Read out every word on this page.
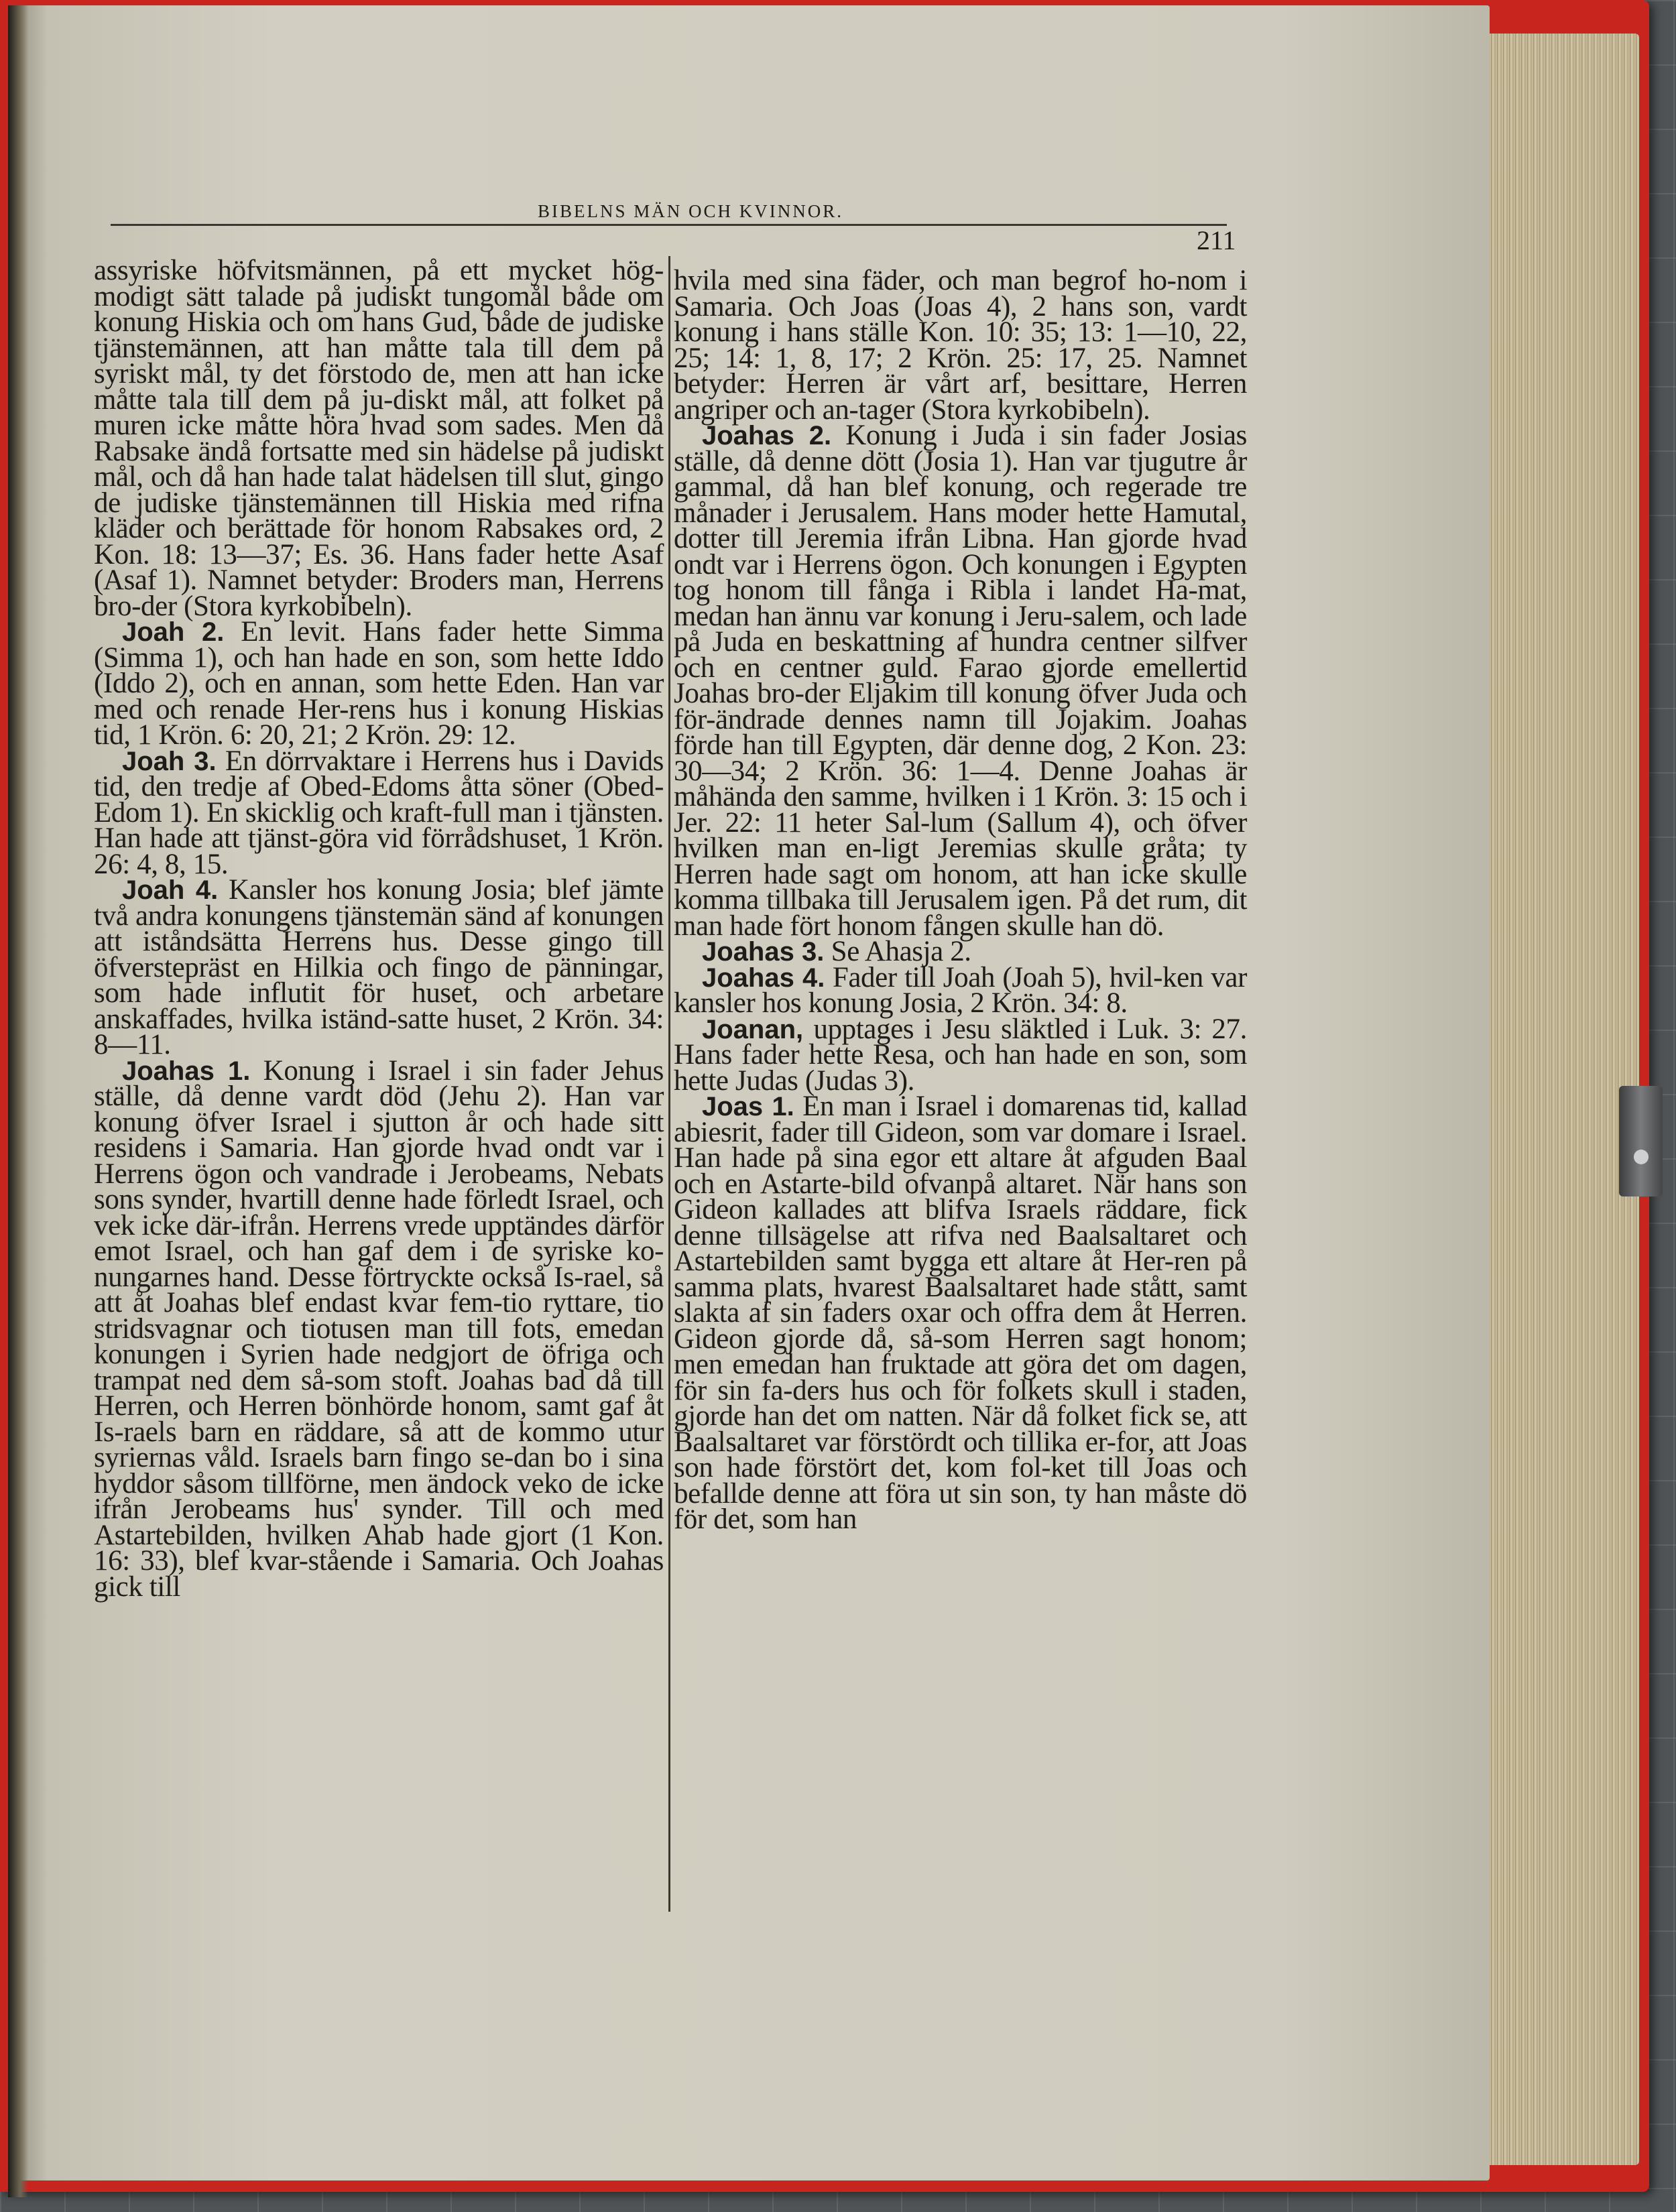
BIBELNS MÄN OCH KVINNOR.
211

assyriske höfvitsmännen, på ett mycket hög-modigt sätt talade på judiskt tungomål både om konung Hiskia och om hans Gud, både de judiske tjänstemännen, att han måtte tala till dem på syriskt mål, ty det förstodo de, men att han icke måtte tala till dem på ju-diskt mål, att folket på muren icke måtte höra hvad som sades. Men då Rabsake ändå fortsatte med sin hädelse på judiskt mål, och då han hade talat hädelsen till slut, gingo de judiske tjänstemännen till Hiskia med rifna kläder och berättade för honom Rabsakes ord, 2 Kon. 18: 13—37; Es. 36. Hans fader hette Asaf (Asaf 1). Namnet betyder: Broders man, Herrens bro-der (Stora kyrkobibeln).

Joah 2. En levit. Hans fader hette Simma (Simma 1), och han hade en son, som hette Iddo (Iddo 2), och en annan, som hette Eden. Han var med och renade Her-rens hus i konung Hiskias tid, 1 Krön. 6: 20, 21; 2 Krön. 29: 12.

Joah 3. En dörrvaktare i Herrens hus i Davids tid, den tredje af Obed-Edoms åtta söner (Obed-Edom 1). En skicklig och kraft-full man i tjänsten. Han hade att tjänst-göra vid förrådshuset, 1 Krön. 26: 4, 8, 15.

Joah 4. Kansler hos konung Josia; blef jämte två andra konungens tjänstemän sänd af konungen att iståndsätta Herrens hus. Desse gingo till öfverstepräst en Hilkia och fingo de pänningar, som hade influtit för huset, och arbetare anskaffades, hvilka iständ-satte huset, 2 Krön. 34: 8—11.

Joahas 1. Konung i Israel i sin fader Jehus ställe, då denne vardt död (Jehu 2). Han var konung öfver Israel i sjutton år och hade sitt residens i Samaria. Han gjorde hvad ondt var i Herrens ögon och vandrade i Jerobeams, Nebats sons synder, hvartill denne hade förledt Israel, och vek icke där-ifrån. Herrens vrede upptändes därför emot Israel, och han gaf dem i de syriske ko-nungarnes hand. Desse förtryckte också Is-rael, så att åt Joahas blef endast kvar fem-tio ryttare, tio stridsvagnar och tiotusen man till fots, emedan konungen i Syrien hade nedgjort de öfriga och trampat ned dem så-som stoft. Joahas bad då till Herren, och Herren bönhörde honom, samt gaf åt Is-raels barn en räddare, så att de kommo utur syriernas våld. Israels barn fingo se-dan bo i sina hyddor såsom tillförne, men ändock veko de icke ifrån Jerobeams hus' synder. Till och med Astartebilden, hvilken Ahab hade gjort (1 Kon. 16: 33), blef kvar-stående i Samaria. Och Joahas gick till

hvila med sina fäder, och man begrof ho-nom i Samaria. Och Joas (Joas 4), 2 hans son, vardt konung i hans ställe Kon. 10: 35; 13: 1—10, 22, 25; 14: 1, 8, 17; 2 Krön. 25: 17, 25. Namnet betyder: Herren är vårt arf, besittare, Herren angriper och an-tager (Stora kyrkobibeln).

Joahas 2. Konung i Juda i sin fader Josias ställe, då denne dött (Josia 1). Han var tjugutre år gammal, då han blef konung, och regerade tre månader i Jerusalem. Hans moder hette Hamutal, dotter till Jeremia ifrån Libna. Han gjorde hvad ondt var i Herrens ögon. Och konungen i Egypten tog honom till fånga i Ribla i landet Ha-mat, medan han ännu var konung i Jeru-salem, och lade på Juda en beskattning af hundra centner silfver och en centner guld. Farao gjorde emellertid Joahas bro-der Eljakim till konung öfver Juda och för-ändrade dennes namn till Jojakim. Joahas förde han till Egypten, där denne dog, 2 Kon. 23: 30—34; 2 Krön. 36: 1—4. Denne Joahas är måhända den samme, hvilken i 1 Krön. 3: 15 och i Jer. 22: 11 heter Sal-lum (Sallum 4), och öfver hvilken man en-ligt Jeremias skulle gråta; ty Herren hade sagt om honom, att han icke skulle komma tillbaka till Jerusalem igen. På det rum, dit man hade fört honom fången skulle han dö.

Joahas 3. Se Ahasja 2.

Joahas 4. Fader till Joah (Joah 5), hvil-ken var kansler hos konung Josia, 2 Krön. 34: 8.

Joanan, upptages i Jesu släktled i Luk. 3: 27. Hans fader hette Resa, och han hade en son, som hette Judas (Judas 3).

Joas 1. En man i Israel i domarenas tid, kallad abiesrit, fader till Gideon, som var domare i Israel. Han hade på sina egor ett altare åt afguden Baal och en Astarte-bild ofvanpå altaret. När hans son Gideon kallades att blifva Israels räddare, fick denne tillsägelse att rifva ned Baalsaltaret och Astartebilden samt bygga ett altare åt Her-ren på samma plats, hvarest Baalsaltaret hade stått, samt slakta af sin faders oxar och offra dem åt Herren. Gideon gjorde då, så-som Herren sagt honom; men emedan han fruktade att göra det om dagen, för sin fa-ders hus och för folkets skull i staden, gjorde han det om natten. När då folket fick se, att Baalsaltaret var förstördt och tillika er-for, att Joas son hade förstört det, kom fol-ket till Joas och befallde denne att föra ut sin son, ty han måste dö för det, som han
